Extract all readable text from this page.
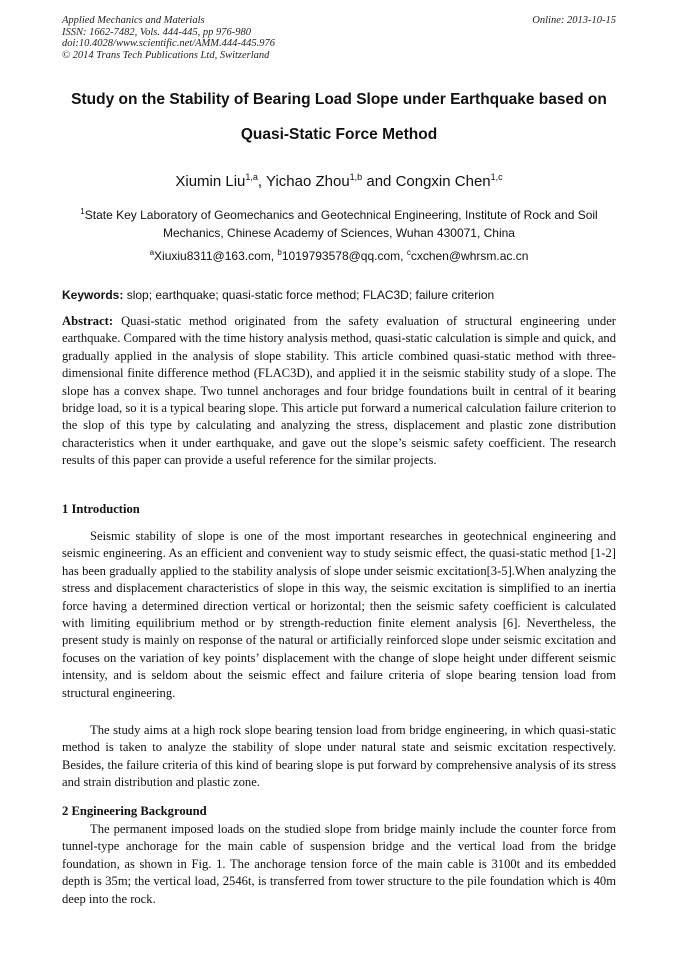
Applied Mechanics and Materials
ISSN: 1662-7482, Vols. 444-445, pp 976-980
doi:10.4028/www.scientific.net/AMM.444-445.976
© 2014 Trans Tech Publications Ltd, Switzerland
Online: 2013-10-15
Study on the Stability of Bearing Load Slope under Earthquake based on
Quasi-Static Force Method
Xiumin Liu$^{1,a}$, Yichao Zhou$^{1,b}$ and Congxin Chen$^{1,c}$
$^1$State Key Laboratory of Geomechanics and Geotechnical Engineering, Institute of Rock and Soil
Mechanics, Chinese Academy of Sciences, Wuhan 430071, China
$^a$Xiuxiu8311@163.com, $^b$1019793578@qq.com, $^c$cxchen@whrsm.ac.cn
Keywords: slop; earthquake; quasi-static force method; FLAC3D; failure criterion
Abstract: Quasi-static method originated from the safety evaluation of structural engineering under earthquake. Compared with the time history analysis method, quasi-static calculation is simple and quick, and gradually applied in the analysis of slope stability. This article combined quasi-static method with three-dimensional finite difference method (FLAC3D), and applied it in the seismic stability study of a slope. The slope has a convex shape. Two tunnel anchorages and four bridge foundations built in central of it bearing bridge load, so it is a typical bearing slope. This article put forward a numerical calculation failure criterion to the slop of this type by calculating and analyzing the stress, displacement and plastic zone distribution characteristics when it under earthquake, and gave out the slope’s seismic safety coefficient. The research results of this paper can provide a useful reference for the similar projects.
1 Introduction

Seismic stability of slope is one of the most important researches in geotechnical engineering and seismic engineering. As an efficient and convenient way to study seismic effect, the quasi-static method [1-2] has been gradually applied to the stability analysis of slope under seismic excitation[3-5].When analyzing the stress and displacement characteristics of slope in this way, the seismic excitation is simplified to an inertia force having a determined direction vertical or horizontal; then the seismic safety coefficient is calculated with limiting equilibrium method or by strength-reduction finite element analysis [6]. Nevertheless, the present study is mainly on response of the natural or artificially reinforced slope under seismic excitation and focuses on the variation of key points’ displacement with the change of slope height under different seismic intensity, and is seldom about the seismic effect and failure criteria of slope bearing tension load from structural engineering.

The study aims at a high rock slope bearing tension load from bridge engineering, in which quasi-static method is taken to analyze the stability of slope under natural state and seismic excitation respectively. Besides, the failure criteria of this kind of bearing slope is put forward by comprehensive analysis of its stress and strain distribution and plastic zone.

2 Engineering Background

The permanent imposed loads on the studied slope from bridge mainly include the counter force from tunnel-type anchorage for the main cable of suspension bridge and the vertical load from the bridge foundation, as shown in Fig. 1. The anchorage tension force of the main cable is 3100t and its embedded depth is 35m; the vertical load, 2546t, is transferred from tower structure to the pile foundation which is 40m deep into the rock.
